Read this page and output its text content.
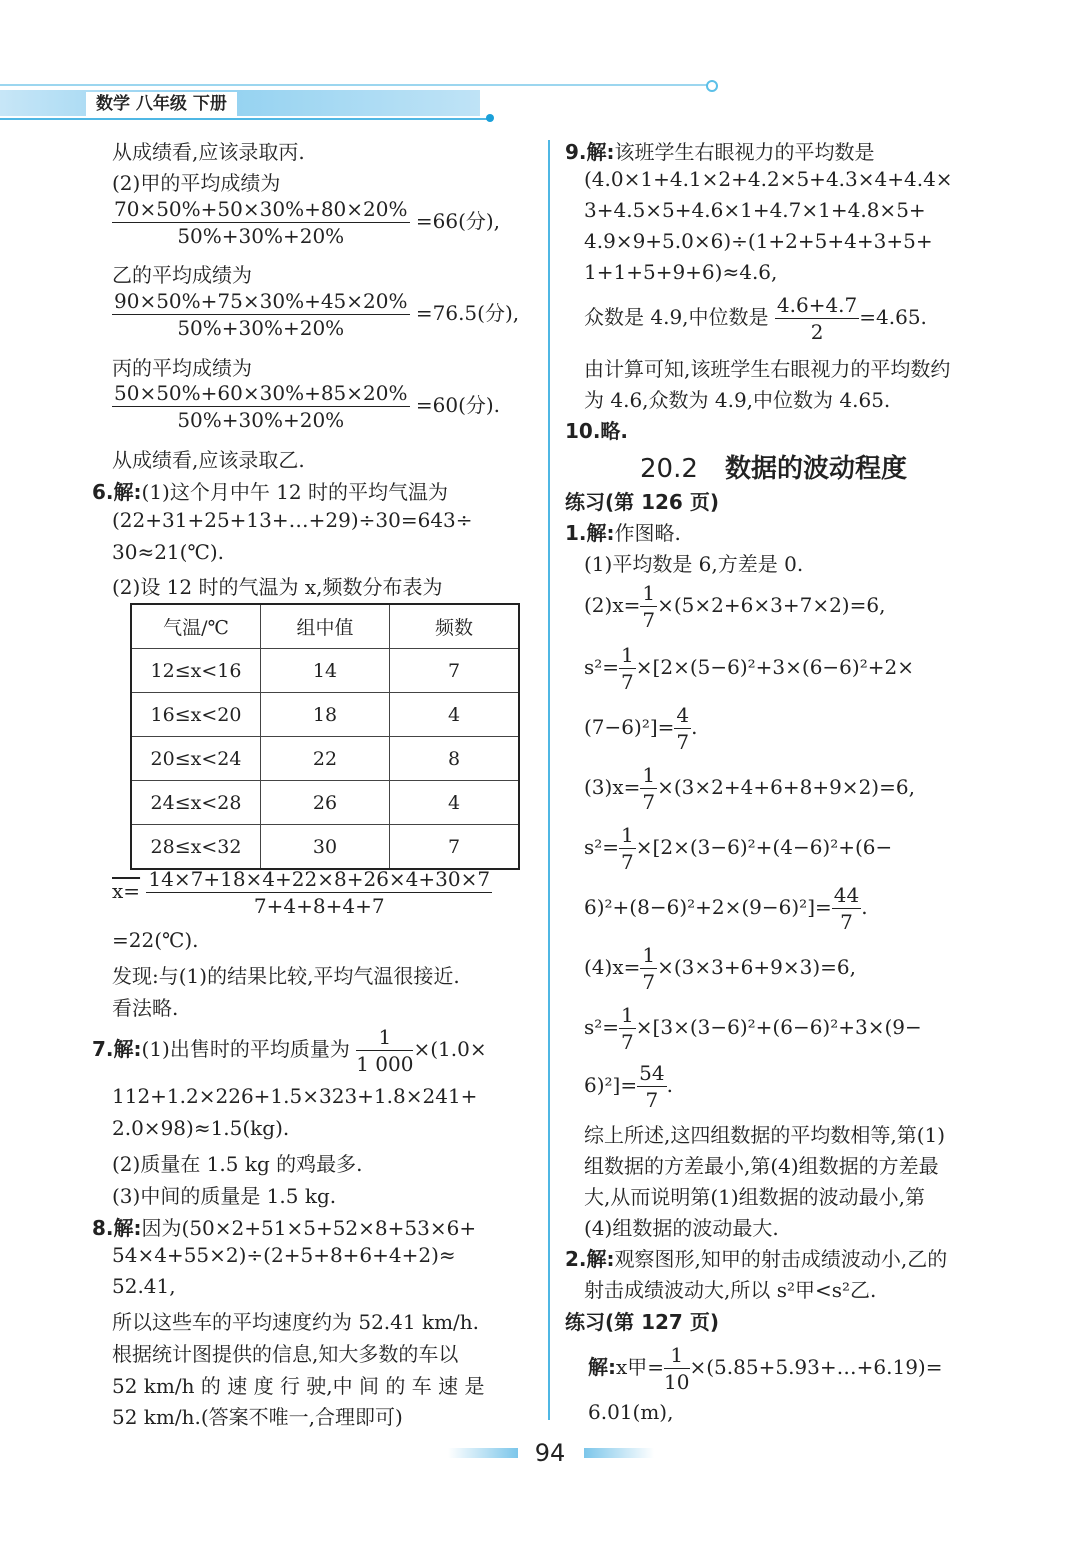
数学 八年级 下册
从成绩看,应该录取丙.
(2)甲的平均成绩为
$\frac{70\times 50\%+50\times 30\%+80\times 20\%}{50\%+30\%+20\%} =66$(分),
乙的平均成绩为
$\frac{90\times 50\%+75\times 30\%+45\times 20\%}{50\%+30\%+20\%} =76.5$(分),
丙的平均成绩为
$\frac{50\times 50\%+60\times 30\%+85\times 20\%}{50\%+30\%+20\%} =60$(分).
从成绩看,应该录取乙.
6.解:(1)这个月中午 12 时的平均气温为
(22+31+25+13+…+29)÷30=643÷
30≈21(℃).
(2)设 12 时的气温为 x,频数分布表为
气温/℃	组中值	频数
12≤x<16	14	7
16≤x<20	18	4
20≤x<24	22	8
24≤x<28	26	4
28≤x<32	30	7
$x= \frac{14\times 7+18\times 4+22\times 8+26\times 4+30\times 7}{7+4+8+4+7}$
=22(℃).
发现:与(1)的结果比较,平均气温很接近.
看法略.
7.解:(1)出售时的平均质量为 $\frac{1}{1 000} \times(1.0\times$
112+1.2×226+1.5×323+1.8×241+
2.0×98)≈1.5(kg).
(2)质量在 1.5 kg 的鸡最多.
(3)中间的质量是 1.5 kg.
8.解:因为(50×2+51×5+52×8+53×6+
54×4+55×2)÷(2+5+8+6+4+2)≈
52.41,
所以这些车的平均速度约为 52.41 km/h.
根据统计图提供的信息,知大多数的车以
52 km/h 的 速 度 行 驶,中 间 的 车 速 是
52 km/h.(答案不唯一,合理即可)
9.解:该班学生右眼视力的平均数是
(4.0×1+4.1×2+4.2×5+4.3×4+4.4×
3+4.5×5+4.6×1+4.7×1+4.8×5+
4.9×9+5.0×6)÷(1+2+5+4+3+5+
1+1+5+9+6)≈4.6,
众数是 4.9,中位数是 $\frac{4.6+4.7}{2} =4.65$.
由计算可知,该班学生右眼视力的平均数约
为 4.6,众数为 4.9,中位数为 4.65.
10.略.
20.2 数据的波动程度
练习(第 126 页)
1.解:作图略.
(1)平均数是 6,方差是 0.
$(2)x= \frac{1}{7} \times(5\times 2+6\times 3+7\times 2)=6$,
$s^2= \frac{1}{7} \times[2\times(5-6)^2+3\times(6-6)^2+2\times$
$(7-6)^2]= \frac{4}{7}$ .
$(3)x= \frac{1}{7} \times(3\times 2+4+6+8+9\times 2)=6$,
$s^2= \frac{1}{7} \times[2\times(3-6)^2+(4-6)^2+(6-$
$6)^2+(8-6)^2+2\times(9-6)^2]= \frac{44}{7}$ .
$(4)x= \frac{1}{7} \times(3\times 3+6+9\times 3)=6$,
$s^2= \frac{1}{7} \times[3\times(3-6)^2+(6-6)^2+3\times(9-$
$6)^2]= \frac{54}{7}$ .
综上所述,这四组数据的平均数相等,第(1)
组数据的方差最小,第(4)组数据的方差最
大,从而说明第(1)组数据的波动最小,第
(4)组数据的波动最大.
2.解:观察图形,知甲的射击成绩波动小,乙的
射击成绩波动大,所以 s²甲<s²乙.
练习(第 127 页)
解:x甲= $\frac{1}{10}$ ×(5.85+5.93+…+6.19)=
6.01(m),
94
